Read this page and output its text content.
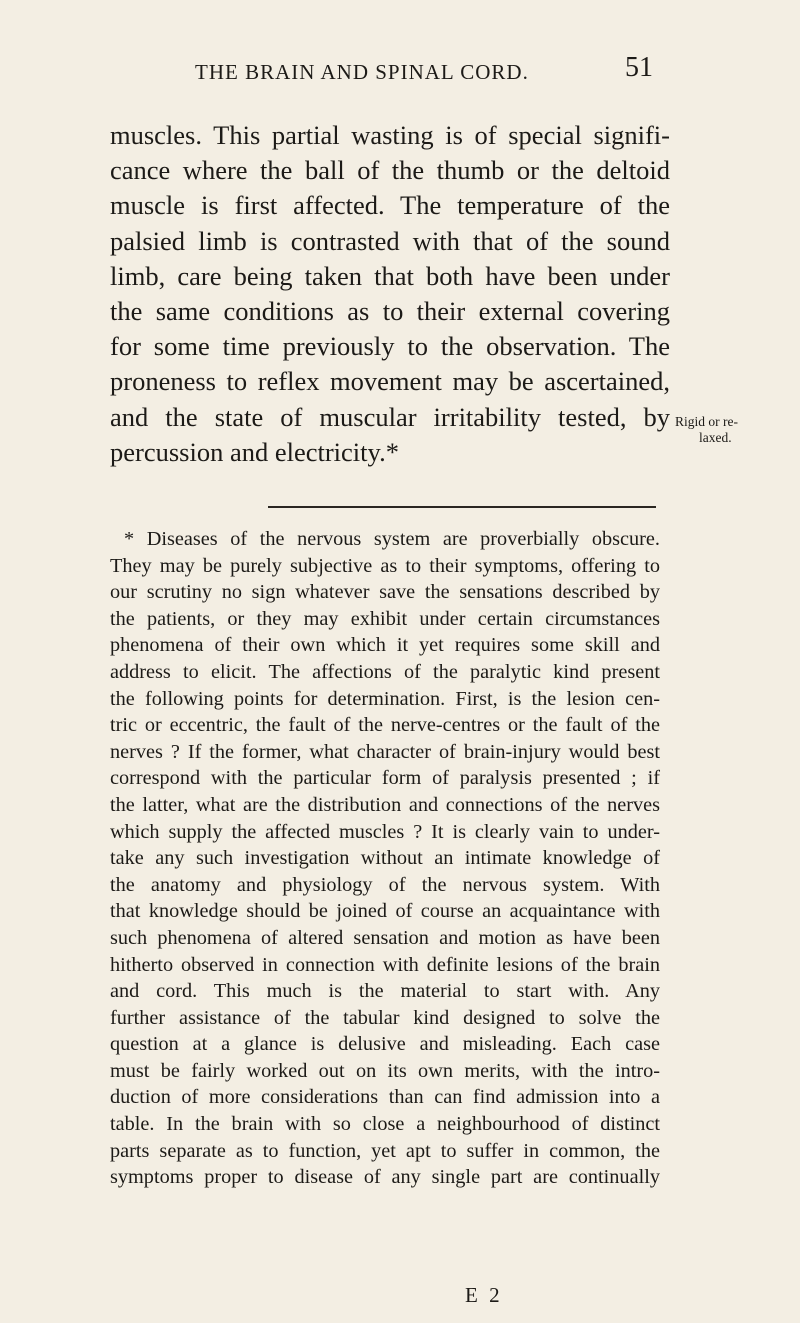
THE BRAIN AND SPINAL CORD.	51
muscles. This partial wasting is of special signifi-
cance where the ball of the thumb or the deltoid
muscle is first affected. The temperature of the
palsied limb is contrasted with that of the sound
limb, care being taken that both have been under
the same conditions as to their external covering
for some time previously to the observation. The
proneness to reflex movement may be ascertained,
and the state of muscular irritability tested, by
percussion and electricity.*
Rigid or re-
laxed.
* Diseases of the nervous system are proverbially obscure.
They may be purely subjective as to their symptoms, offering to
our scrutiny no sign whatever save the sensations described by
the patients, or they may exhibit under certain circumstances
phenomena of their own which it yet requires some skill and
address to elicit. The affections of the paralytic kind present
the following points for determination. First, is the lesion cen-
tric or eccentric, the fault of the nerve-centres or the fault of the
nerves ? If the former, what character of brain-injury would best
correspond with the particular form of paralysis presented ; if
the latter, what are the distribution and connections of the nerves
which supply the affected muscles ? It is clearly vain to under-
take any such investigation without an intimate knowledge of
the anatomy and physiology of the nervous system. With
that knowledge should be joined of course an acquaintance with
such phenomena of altered sensation and motion as have been
hitherto observed in connection with definite lesions of the brain
and cord. This much is the material to start with. Any
further assistance of the tabular kind designed to solve the
question at a glance is delusive and misleading. Each case
must be fairly worked out on its own merits, with the intro-
duction of more considerations than can find admission into a
table. In the brain with so close a neighbourhood of distinct
parts separate as to function, yet apt to suffer in common, the
symptoms proper to disease of any single part are continually
E 2
